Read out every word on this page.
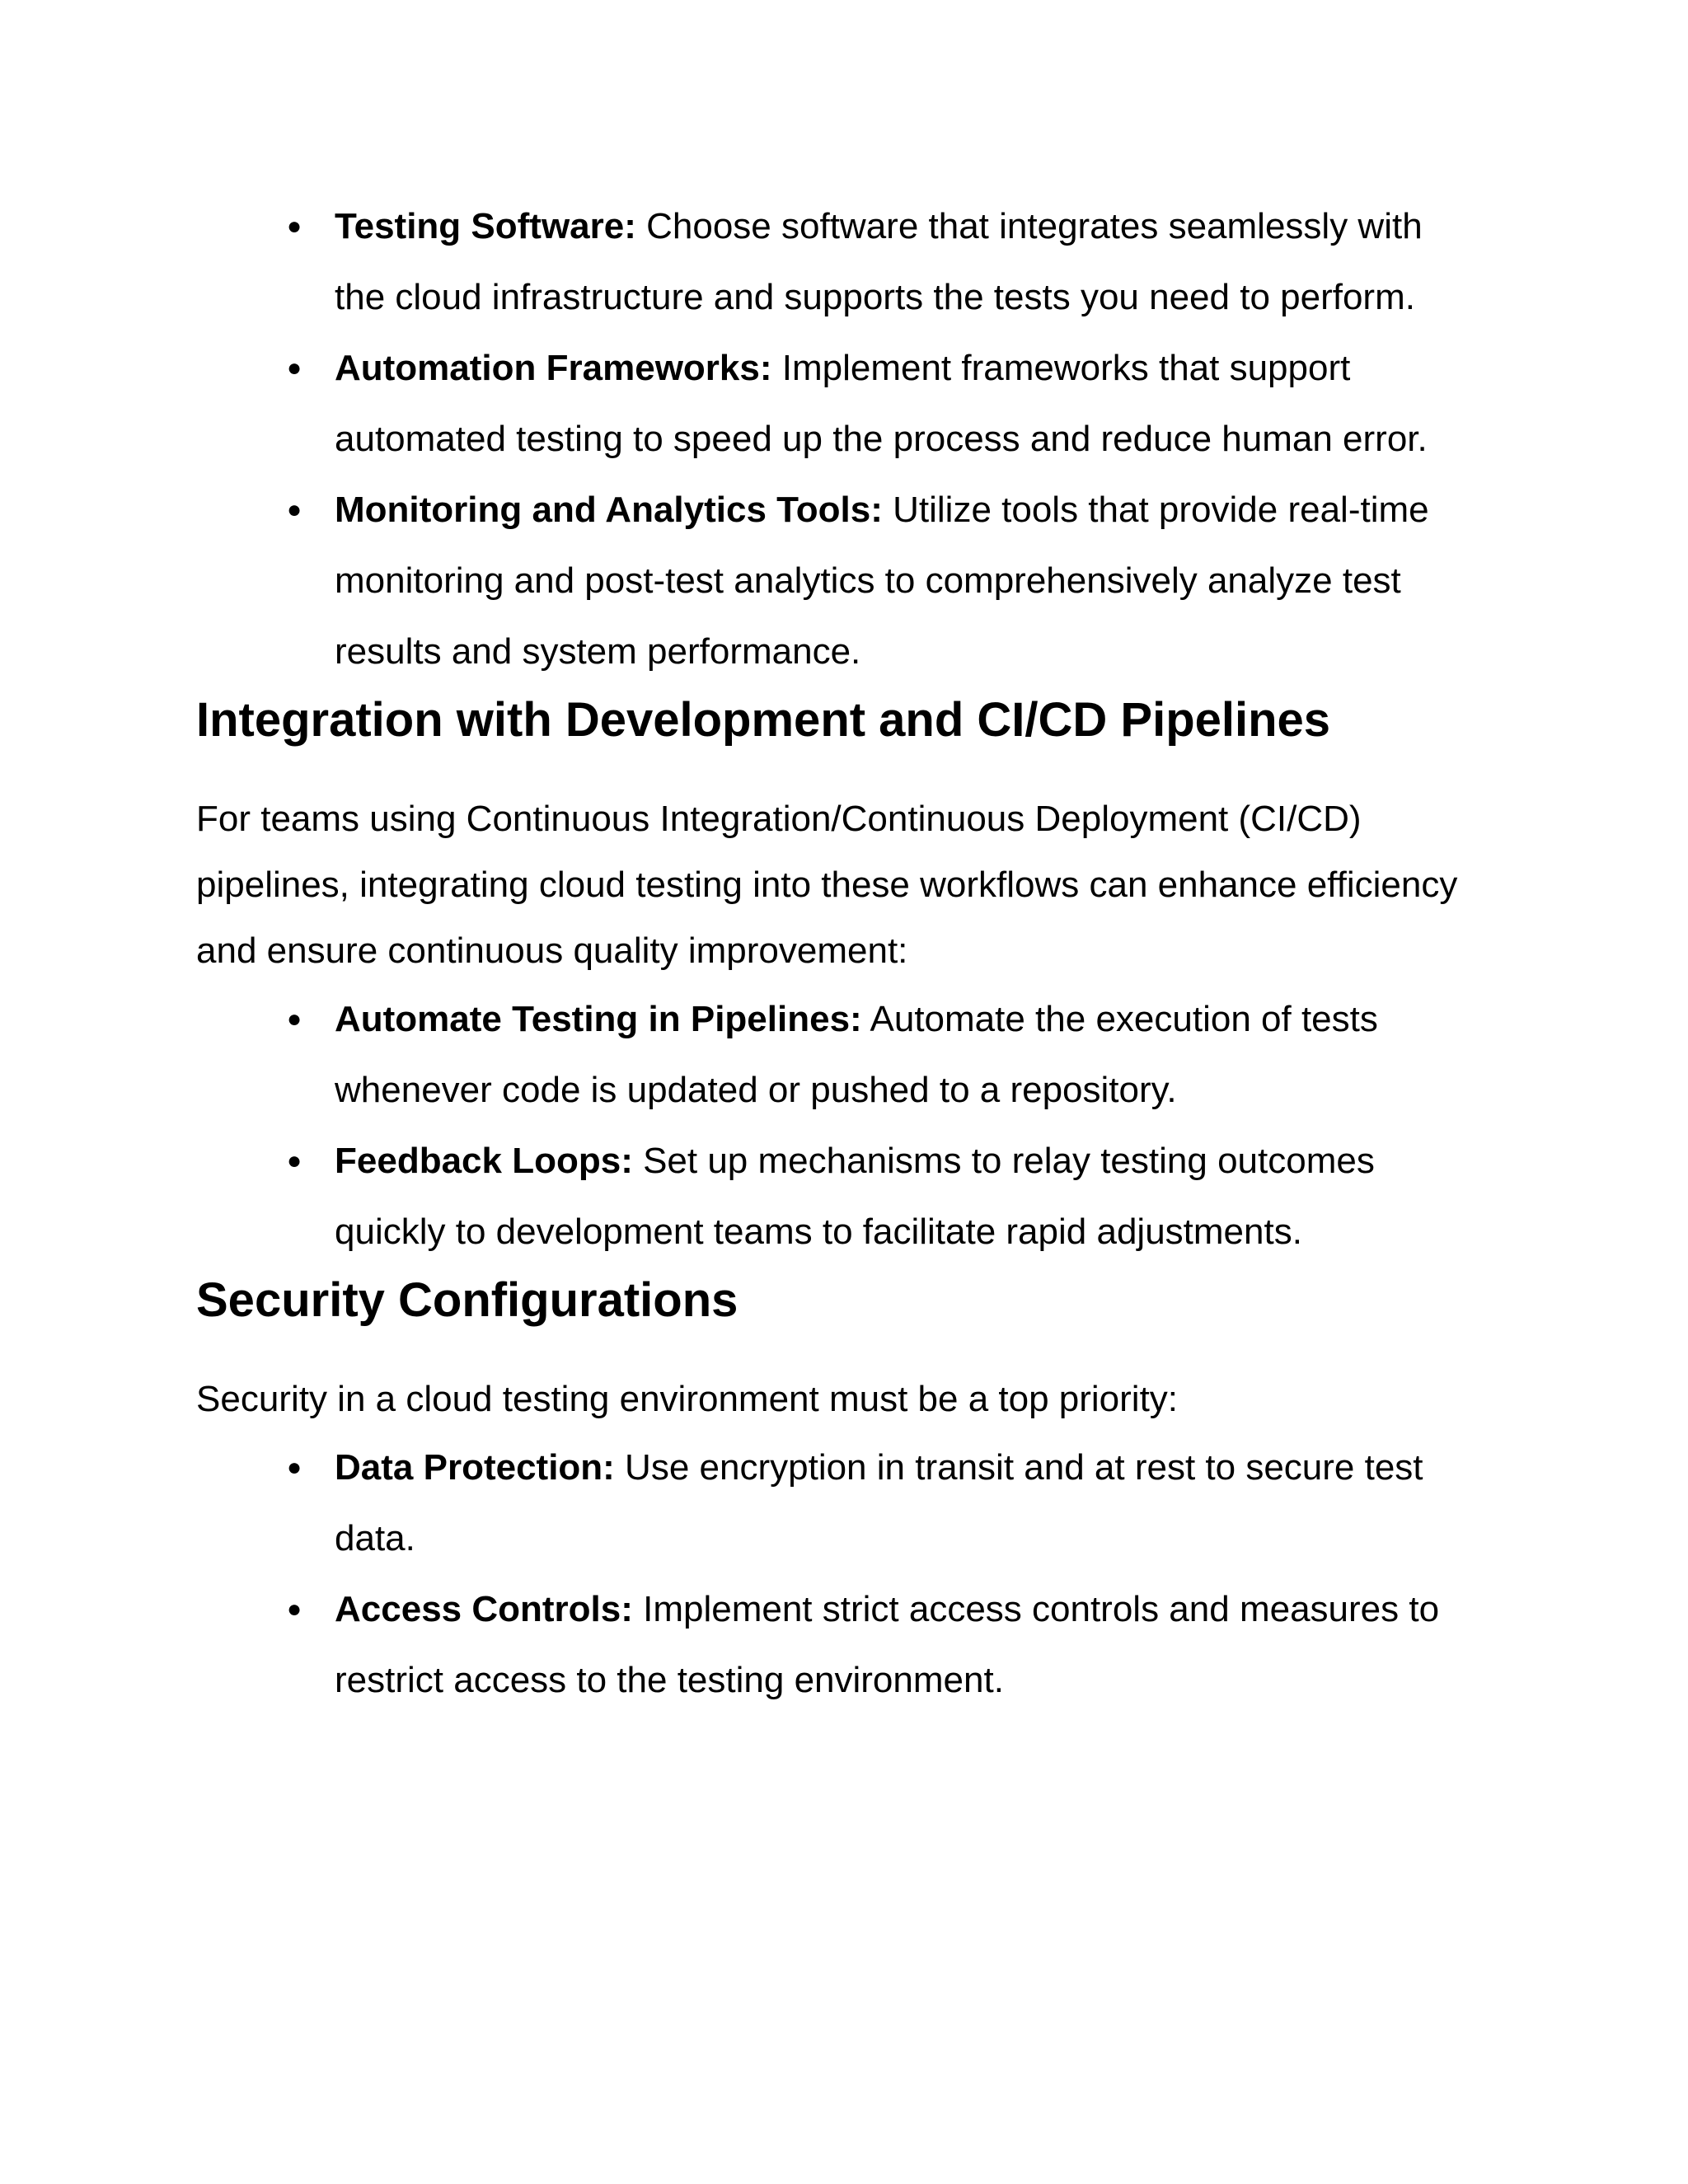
● Testing Software: Choose software that integrates seamlessly with the cloud infrastructure and supports the tests you need to perform.
● Automation Frameworks: Implement frameworks that support automated testing to speed up the process and reduce human error.
● Monitoring and Analytics Tools: Utilize tools that provide real-time monitoring and post-test analytics to comprehensively analyze test results and system performance.
Integration with Development and CI/CD Pipelines

For teams using Continuous Integration/Continuous Deployment (CI/CD) pipelines, integrating cloud testing into these workflows can enhance efficiency and ensure continuous quality improvement:

● Automate Testing in Pipelines: Automate the execution of tests whenever code is updated or pushed to a repository.
● Feedback Loops: Set up mechanisms to relay testing outcomes quickly to development teams to facilitate rapid adjustments.
Security Configurations

Security in a cloud testing environment must be a top priority:

● Data Protection: Use encryption in transit and at rest to secure test data.
● Access Controls: Implement strict access controls and measures to restrict access to the testing environment.
